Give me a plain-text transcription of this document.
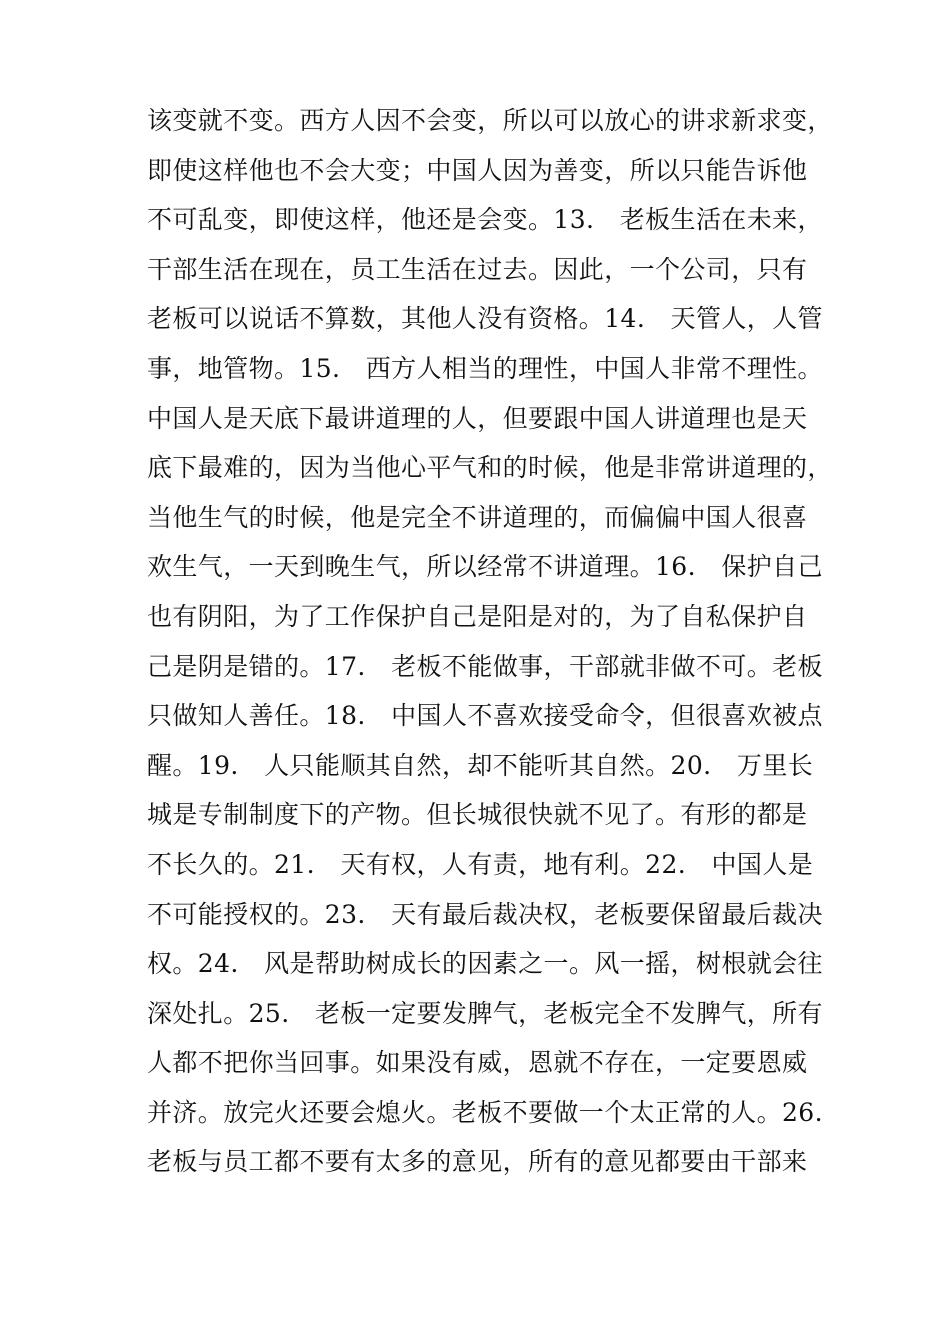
该变就不变。西方人因不会变，所以可以放心的讲求新求变，
即使这样他也不会大变；中国人因为善变，所以只能告诉他
不可乱变，即使这样，他还是会变。13.　老板生活在未来，
干部生活在现在，员工生活在过去。因此，一个公司，只有
老板可以说话不算数，其他人没有资格。14.　天管人，人管
事，地管物。15.　西方人相当的理性，中国人非常不理性。
中国人是天底下最讲道理的人，但要跟中国人讲道理也是天
底下最难的，因为当他心平气和的时候，他是非常讲道理的，
当他生气的时候，他是完全不讲道理的，而偏偏中国人很喜
欢生气，一天到晚生气，所以经常不讲道理。16.　保护自己
也有阴阳，为了工作保护自己是阳是对的，为了自私保护自
己是阴是错的。17.　老板不能做事，干部就非做不可。老板
只做知人善任。18.　中国人不喜欢接受命令，但很喜欢被点
醒。19.　人只能顺其自然，却不能听其自然。20.　万里长
城是专制制度下的产物。但长城很快就不见了。有形的都是
不长久的。21.　天有权，人有责，地有利。22.　中国人是
不可能授权的。23.　天有最后裁决权，老板要保留最后裁决
权。24.　风是帮助树成长的因素之一。风一摇，树根就会往
深处扎。25.　老板一定要发脾气，老板完全不发脾气，所有
人都不把你当回事。如果没有威，恩就不存在，一定要恩威
并济。放完火还要会熄火。老板不要做一个太正常的人。26.
老板与员工都不要有太多的意见，所有的意见都要由干部来
